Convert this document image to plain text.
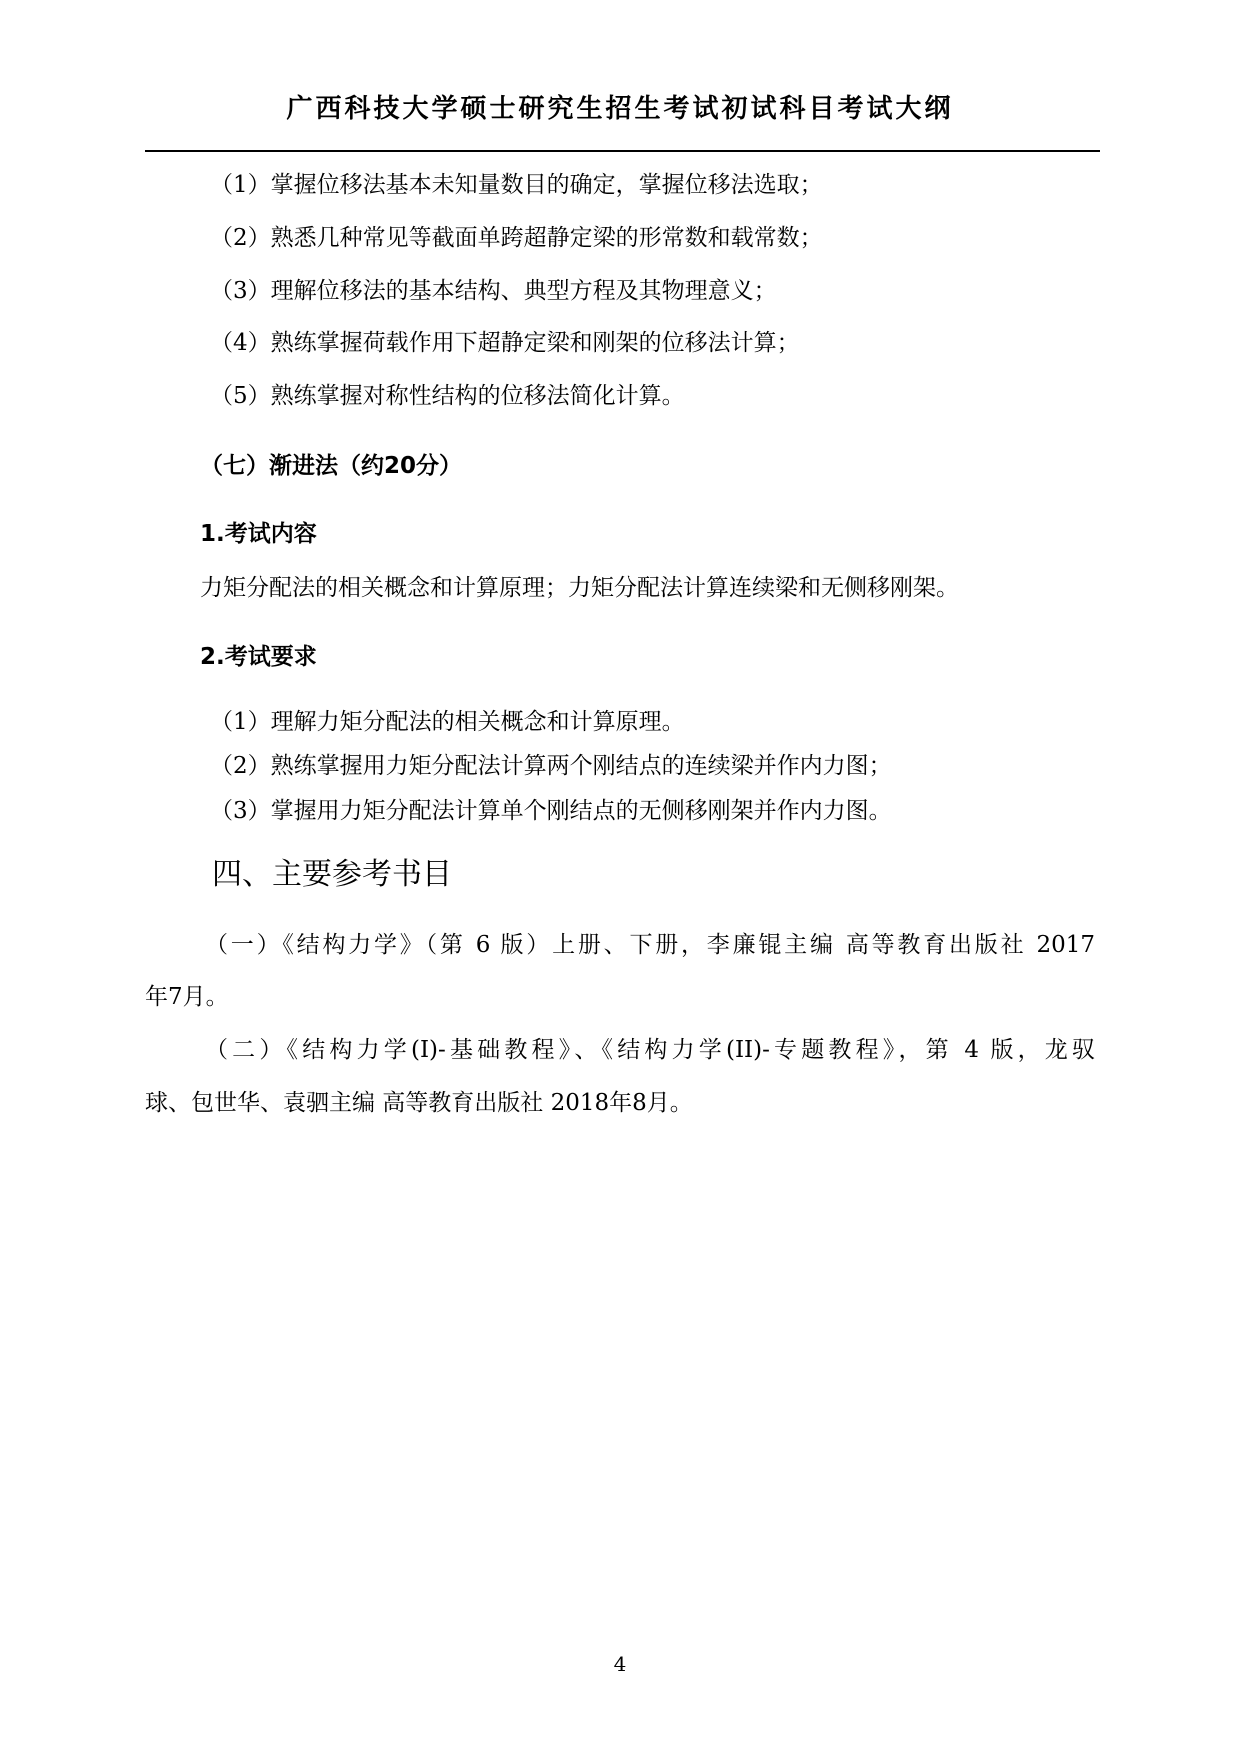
广西科技大学硕士研究生招生考试初试科目考试大纲
（1）掌握位移法基本未知量数目的确定，掌握位移法选取；
（2）熟悉几种常见等截面单跨超静定梁的形常数和载常数；
（3）理解位移法的基本结构、典型方程及其物理意义；
（4）熟练掌握荷载作用下超静定梁和刚架的位移法计算；
（5）熟练掌握对称性结构的位移法简化计算。
（七）渐进法（约20分）
1.考试内容
力矩分配法的相关概念和计算原理；力矩分配法计算连续梁和无侧移刚架。
2.考试要求
（1）理解力矩分配法的相关概念和计算原理。
（2）熟练掌握用力矩分配法计算两个刚结点的连续梁并作内力图；
（3）掌握用力矩分配法计算单个刚结点的无侧移刚架并作内力图。
四、主要参考书目
（一）《结构力学》（第 6 版）上册、下册，李廉锟主编 高等教育出版社 2017
年7月。
（二）《结构力学(I)-基础教程》、《结构力学(II)-专题教程》，第 4 版，龙驭
球、包世华、袁驷主编 高等教育出版社 2018年8月。
4
